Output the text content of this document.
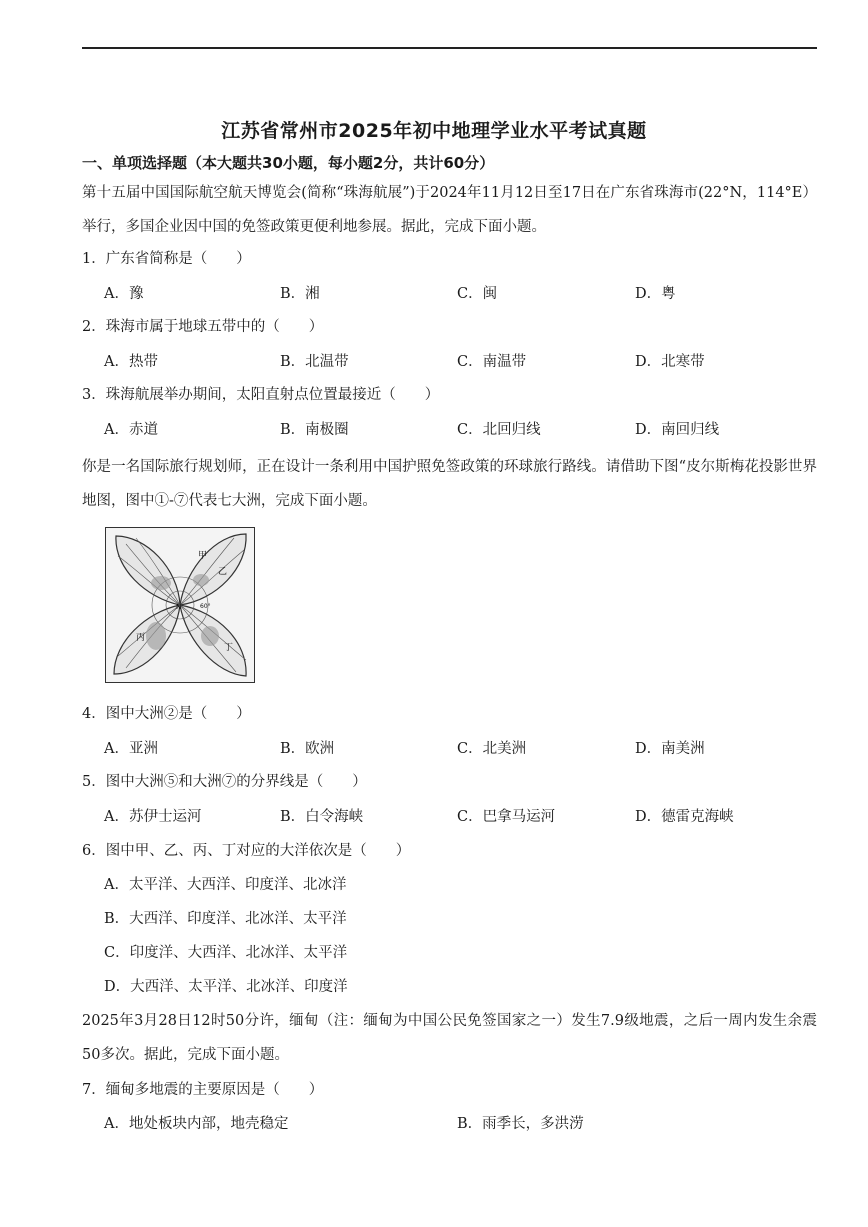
江苏省常州市2025年初中地理学业水平考试真题
一、单项选择题（本大题共30小题，每小题2分，共计60分）
第十五届中国国际航空航天博览会(简称“珠海航展”)于2024年11月12日至17日在广东省珠海市(22°N，114°E）举行，多国企业因中国的免签政策更便利地参展。据此，完成下面小题。
1．广东省简称是（　　）
A．豫	B．湘	C．闽	D．粤
2．珠海市属于地球五带中的（　　）
A．热带	B．北温带	C．南温带	D．北寒带
3．珠海航展举办期间，太阳直射点位置最接近（　　）
A．赤道	B．南极圈	C．北回归线	D．南回归线
你是一名国际旅行规划师，正在设计一条利用中国护照免签政策的环球旅行路线。请借助下图“皮尔斯梅花投影世界地图，图中①-⑦代表七大洲，完成下面小题。
甲
乙
丙
丁
N	60°
4．图中大洲②是（　　）
A．亚洲	B．欧洲	C．北美洲	D．南美洲
5．图中大洲⑤和大洲⑦的分界线是（　　）
A．苏伊士运河	B．白令海峡	C．巴拿马运河	D．德雷克海峡
6．图中甲、乙、丙、丁对应的大洋依次是（　　）
A．太平洋、大西洋、印度洋、北冰洋
B．大西洋、印度洋、北冰洋、太平洋
C．印度洋、大西洋、北冰洋、太平洋
D．大西洋、太平洋、北冰洋、印度洋
2025年3月28日12时50分许，缅甸（注：缅甸为中国公民免签国家之一）发生7.9级地震，之后一周内发生余震50多次。据此，完成下面小题。
7．缅甸多地震的主要原因是（　　）
A．地处板块内部，地壳稳定	B．雨季长，多洪涝
